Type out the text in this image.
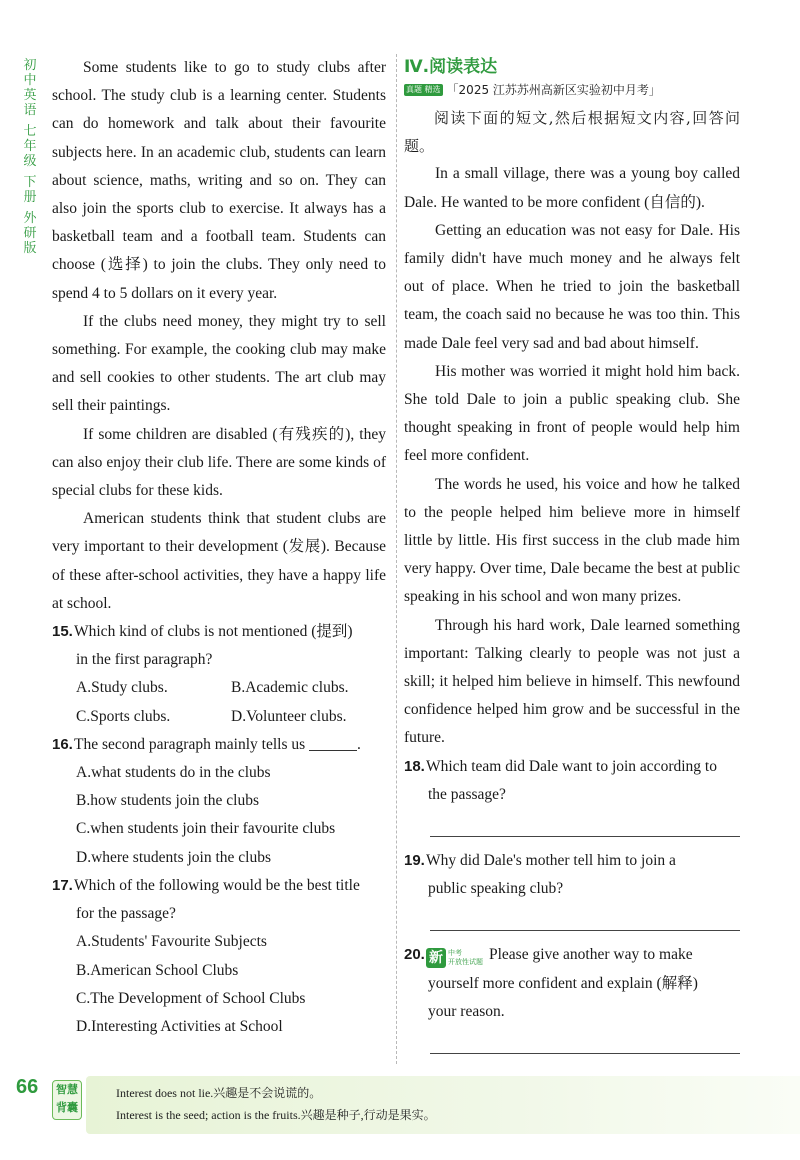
初
中
英
语
七
年
级
下
册
外
研
版

Some students like to go to study clubs after school. The study club is a learning center. Students can do homework and talk about their favourite subjects here. In an academic club, students can learn about science, maths, writing and so on. They can also join the sports club to exercise. It always has a basketball team and a football team. Students can choose (选择) to join the clubs. They only need to spend 4 to 5 dollars on it every year.

If the clubs need money, they might try to sell something. For example, the cooking club may make and sell cookies to other students. The art club may sell their paintings.

If some children are disabled (有残疾的), they can also enjoy their club life. There are some kinds of special clubs for these kids.

American students think that student clubs are very important to their development (发展). Because of these after-school activities, they have a happy life at school.

15. Which kind of clubs is not mentioned (提到)
in the first paragraph?
A.Study clubs.	B.Academic clubs.
C.Sports clubs.	D.Volunteer clubs.
16. The second paragraph mainly tells us	.
A.what students do in the clubs
B.how students join the clubs
C.when students join their favourite clubs
D.where students join the clubs
17. Which of the following would be the best title
for the passage?
A.Students' Favourite Subjects
B.American School Clubs
C.The Development of School Clubs
D.Interesting Activities at School
Ⅳ.阅读表达
真题 精选 「2025 江苏苏州高新区实验初中月考」

阅读下面的短文,然后根据短文内容,回答问题。

In a small village, there was a young boy called Dale. He wanted to be more confident (自信的).

Getting an education was not easy for Dale. His family didn't have much money and he always felt out of place. When he tried to join the basketball team, the coach said no because he was too thin. This made Dale feel very sad and bad about himself.

His mother was worried it might hold him back. She told Dale to join a public speaking club. She thought speaking in front of people would help him feel more confident.

The words he used, his voice and how he talked to the people helped him believe more in himself little by little. His first success in the club made him very happy. Over time, Dale became the best at public speaking in his school and won many prizes.

Through his hard work, Dale learned something important: Talking clearly to people was not just a skill; it helped him believe in himself. This newfound confidence helped him grow and be successful in the future.

18. Which team did Dale want to join according to
the passage?
19. Why did Dale's mother tell him to join a
public speaking club?
20. 新 中考
开放性试题 Please give another way to make
yourself more confident and explain (解释)
your reason.
66 智慧
背囊
Interest does not lie.兴趣是不会说谎的。
Interest is the seed; action is the fruits.兴趣是种子,行动是果实。
